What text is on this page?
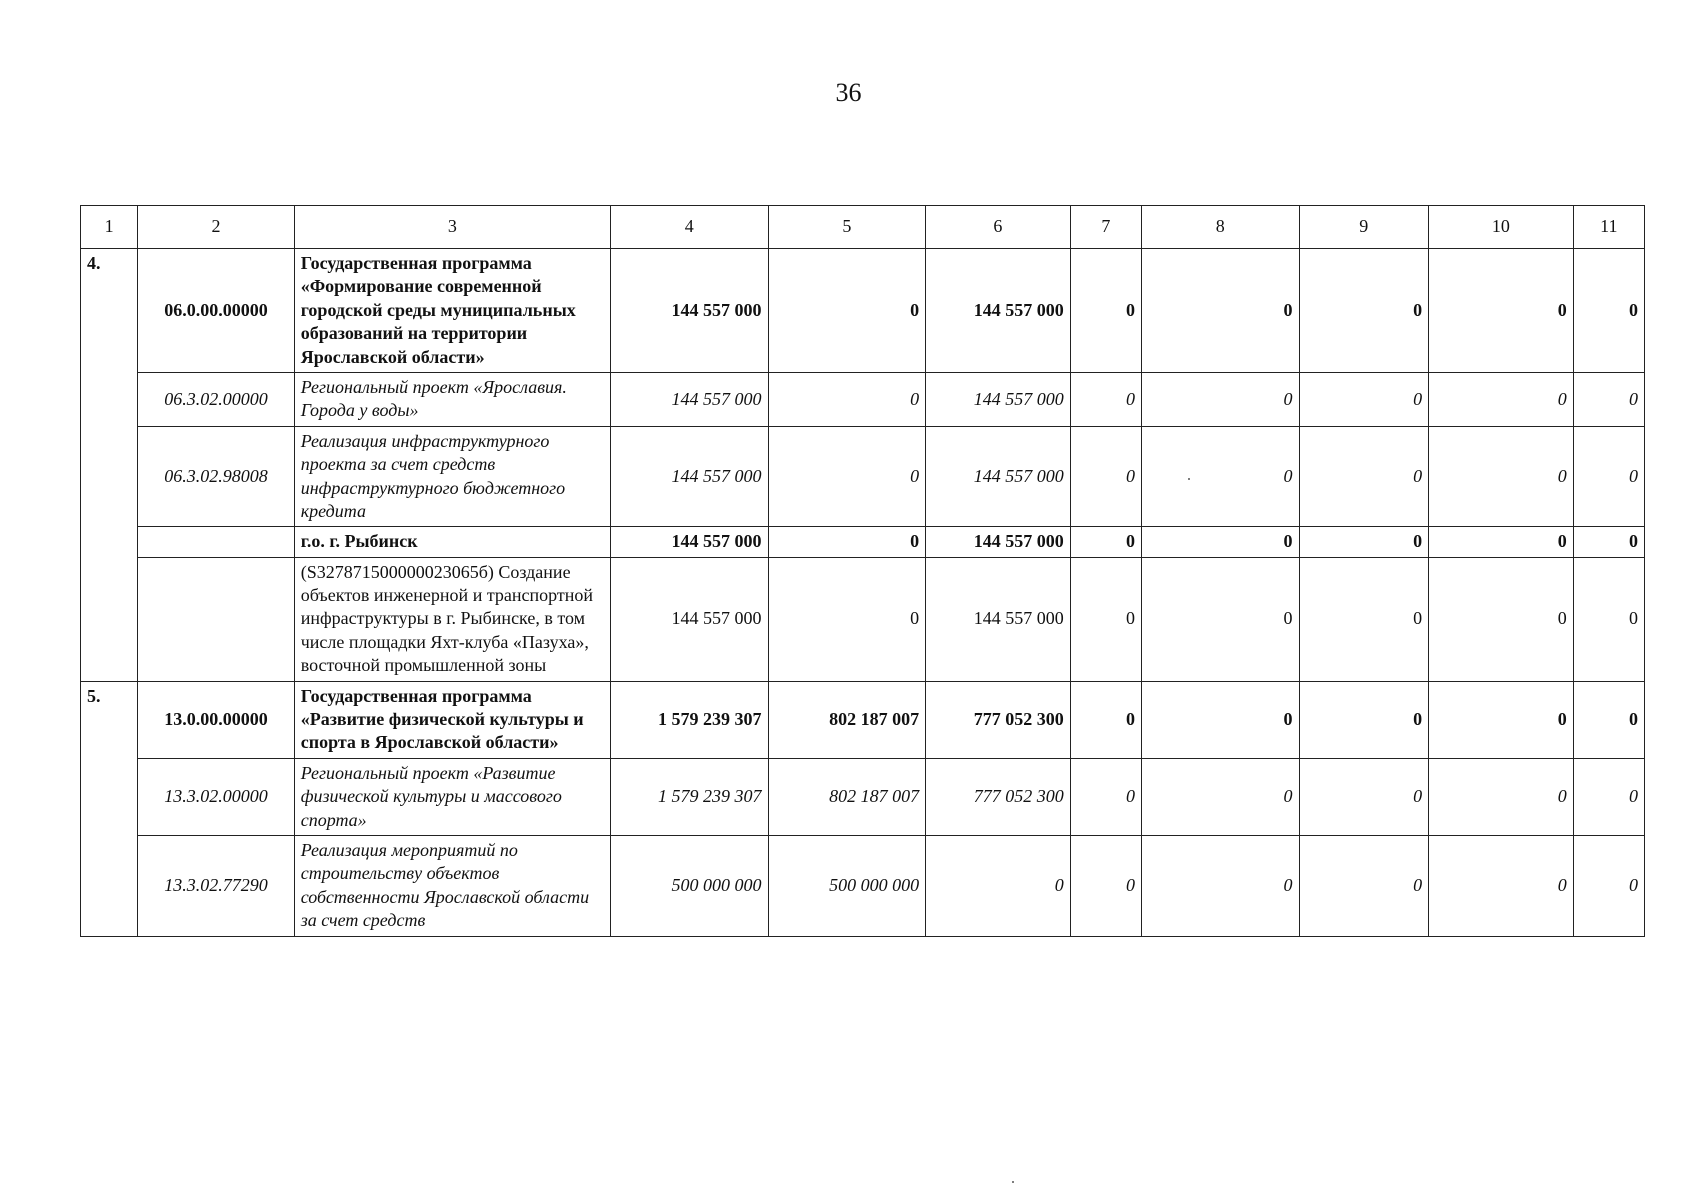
36
1	2	3	4	5	6	7	8	9	10	11
4.	06.0.00.00000	Государственная программа «Формирование современной городской среды муниципальных образований на территории Ярославской области»	144 557 000	0	144 557 000	0	0	0	0	0
	06.3.02.00000	Региональный проект «Ярославия. Города у воды»	144 557 000	0	144 557 000	0	0	0	0	0
	06.3.02.98008	Реализация инфраструктурного проекта за счет средств инфраструктурного бюджетного кредита	144 557 000	0	144 557 000	0	0	0	0	0
		г.о. г. Рыбинск	144 557 000	0	144 557 000	0	0	0	0	0
		(S327871500000023065б) Создание объектов инженерной и транспортной инфраструктуры в г. Рыбинске, в том числе площадки Яхт-клуба «Пазуха», восточной промышленной зоны	144 557 000	0	144 557 000	0	0	0	0	0
5.	13.0.00.00000	Государственная программа «Развитие физической культуры и спорта в Ярославской области»	1 579 239 307	802 187 007	777 052 300	0	0	0	0	0
	13.3.02.00000	Региональный проект «Развитие физической культуры и массового спорта»	1 579 239 307	802 187 007	777 052 300	0	0	0	0	0
	13.3.02.77290	Реализация мероприятий по строительству объектов собственности Ярославской области за счет средств	500 000 000	500 000 000	0	0	0	0	0	0
